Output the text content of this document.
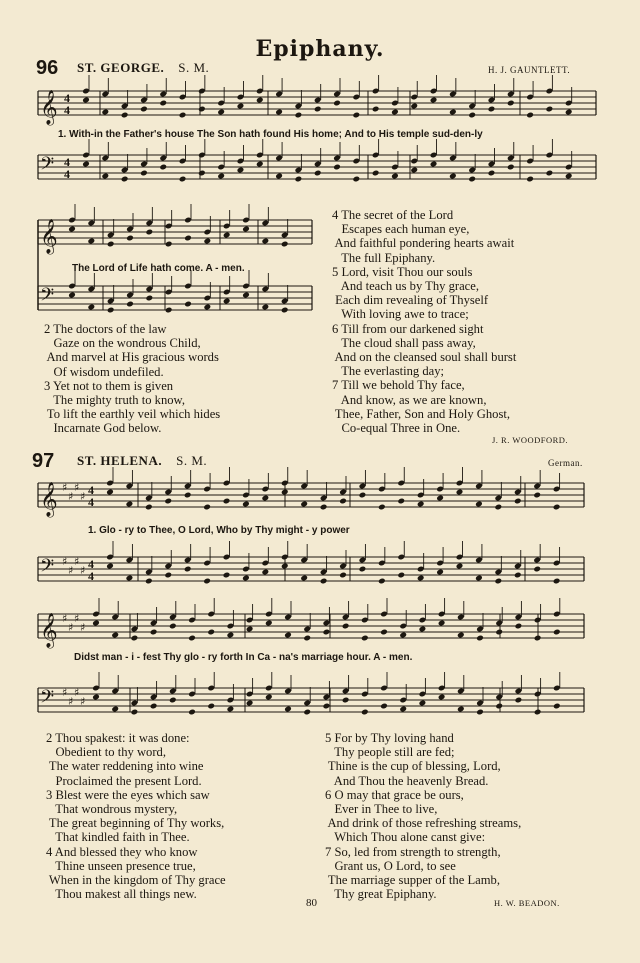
Epiphany.
96 ST. GEORGE. S. M.	H. J. GAUNTLETT.
𝄞 4
4
𝄢 4
4
𝄞
𝄢
𝄞 ♯
♯
♯
♯ 4
4
𝄢 ♯
♯
♯
♯ 4
4
𝄞 ♯
♯
♯
♯
𝄢 ♯
♯
♯
♯
1. With-in the Father's house The Son hath found His home; And to His temple sud-den-ly
The Lord of Life hath come. A - men.
2 The doctors of the law
Gaze on the wondrous Child,
And marvel at His gracious words
Of wisdom undefiled.
3 Yet not to them is given
The mighty truth to know,
To lift the earthly veil which hides
Incarnate God below.
4 The secret of the Lord
Escapes each human eye,
And faithful pondering hearts await
The full Epiphany.
5 Lord, visit Thou our souls
And teach us by Thy grace,
Each dim revealing of Thyself
With loving awe to trace;
6 Till from our darkened sight
The cloud shall pass away,
And on the cleansed soul shall burst
The everlasting day;
7 Till we behold Thy face,
And know, as we are known,
Thee, Father, Son and Holy Ghost,
Co-equal Three in One.
J. R. WOODFORD.
97 ST. HELENA. S. M.	German.
1. Glo - ry to Thee, O Lord, Who by Thy might - y power
Didst man - i - fest Thy glo - ry forth In Ca - na's marriage hour. A - men.
2 Thou spakest: it was done:
Obedient to thy word,
The water reddening into wine
Proclaimed the present Lord.
3 Blest were the eyes which saw
That wondrous mystery,
The great beginning of Thy works,
That kindled faith in Thee.
4 And blessed they who know
Thine unseen presence true,
When in the kingdom of Thy grace
Thou makest all things new.
5 For by Thy loving hand
Thy people still are fed;
Thine is the cup of blessing, Lord,
And Thou the heavenly Bread.
6 O may that grace be ours,
Ever in Thee to live,
And drink of those refreshing streams,
Which Thou alone canst give:
7 So, led from strength to strength,
Grant us, O Lord, to see
The marriage supper of the Lamb,
Thy great Epiphany.
H. W. BEADON.
80
